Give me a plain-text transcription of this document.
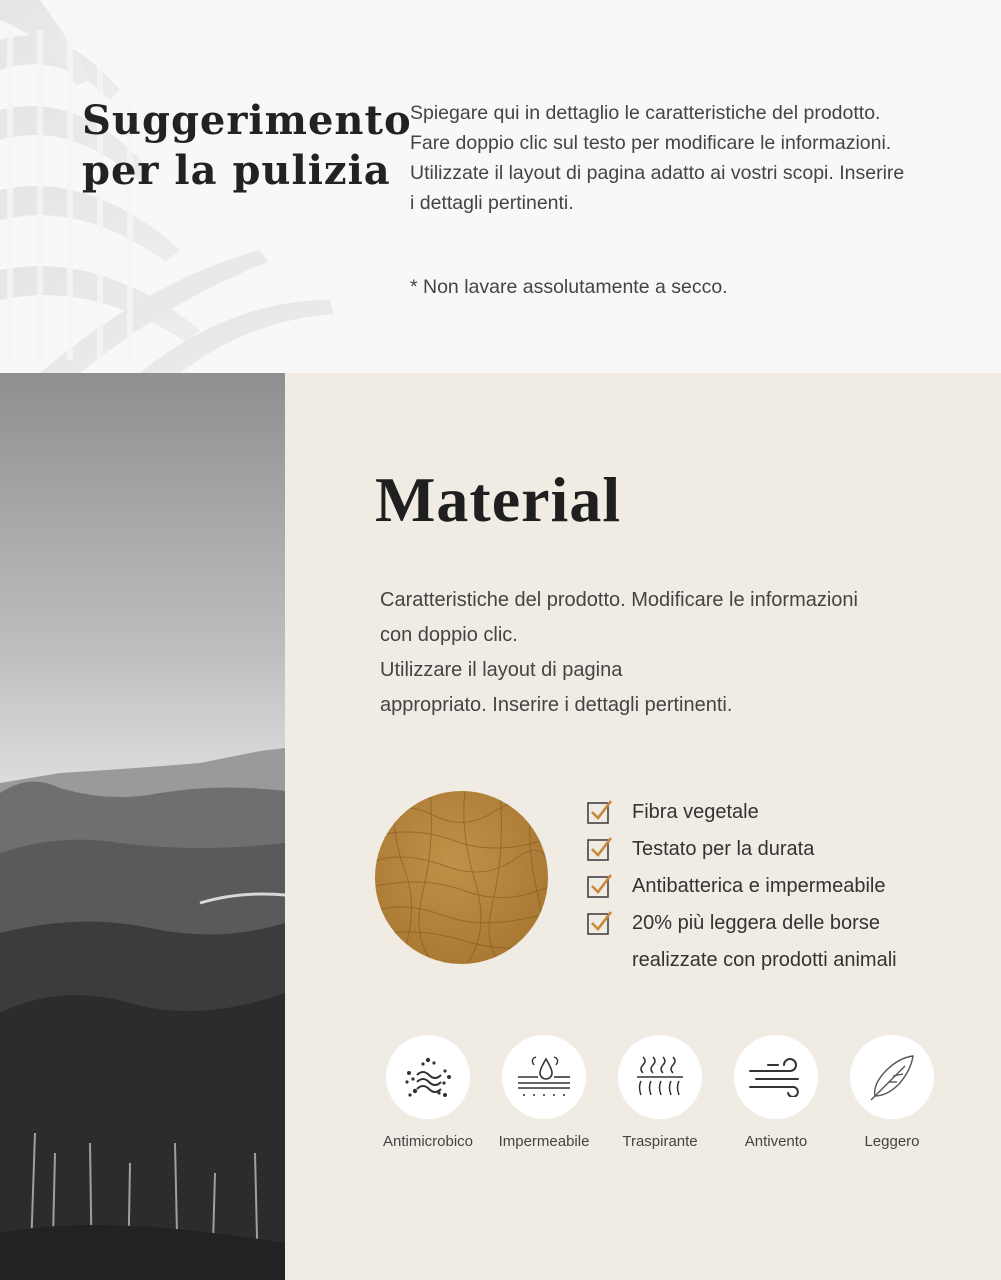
Suggerimento
per la pulizia

Spiegare qui in dettaglio le caratteristiche del prodotto. Fare doppio clic sul testo per modificare le informazioni. Utilizzate il layout di pagina adatto ai vostri scopi. Inserire i dettagli pertinenti.

* Non lavare assolutamente a secco.

Material
Caratteristiche del prodotto. Modificare le informazioni
con doppio clic.
Utilizzare il layout di pagina
appropriato. Inserire i dettagli pertinenti.
Fibra vegetale
Testato per la durata
Antibatterica e impermeabile
20% più leggera delle borse
realizzate con prodotti animali
Antimicrobico	Impermeabile	Traspirante	Antivento	Leggero
